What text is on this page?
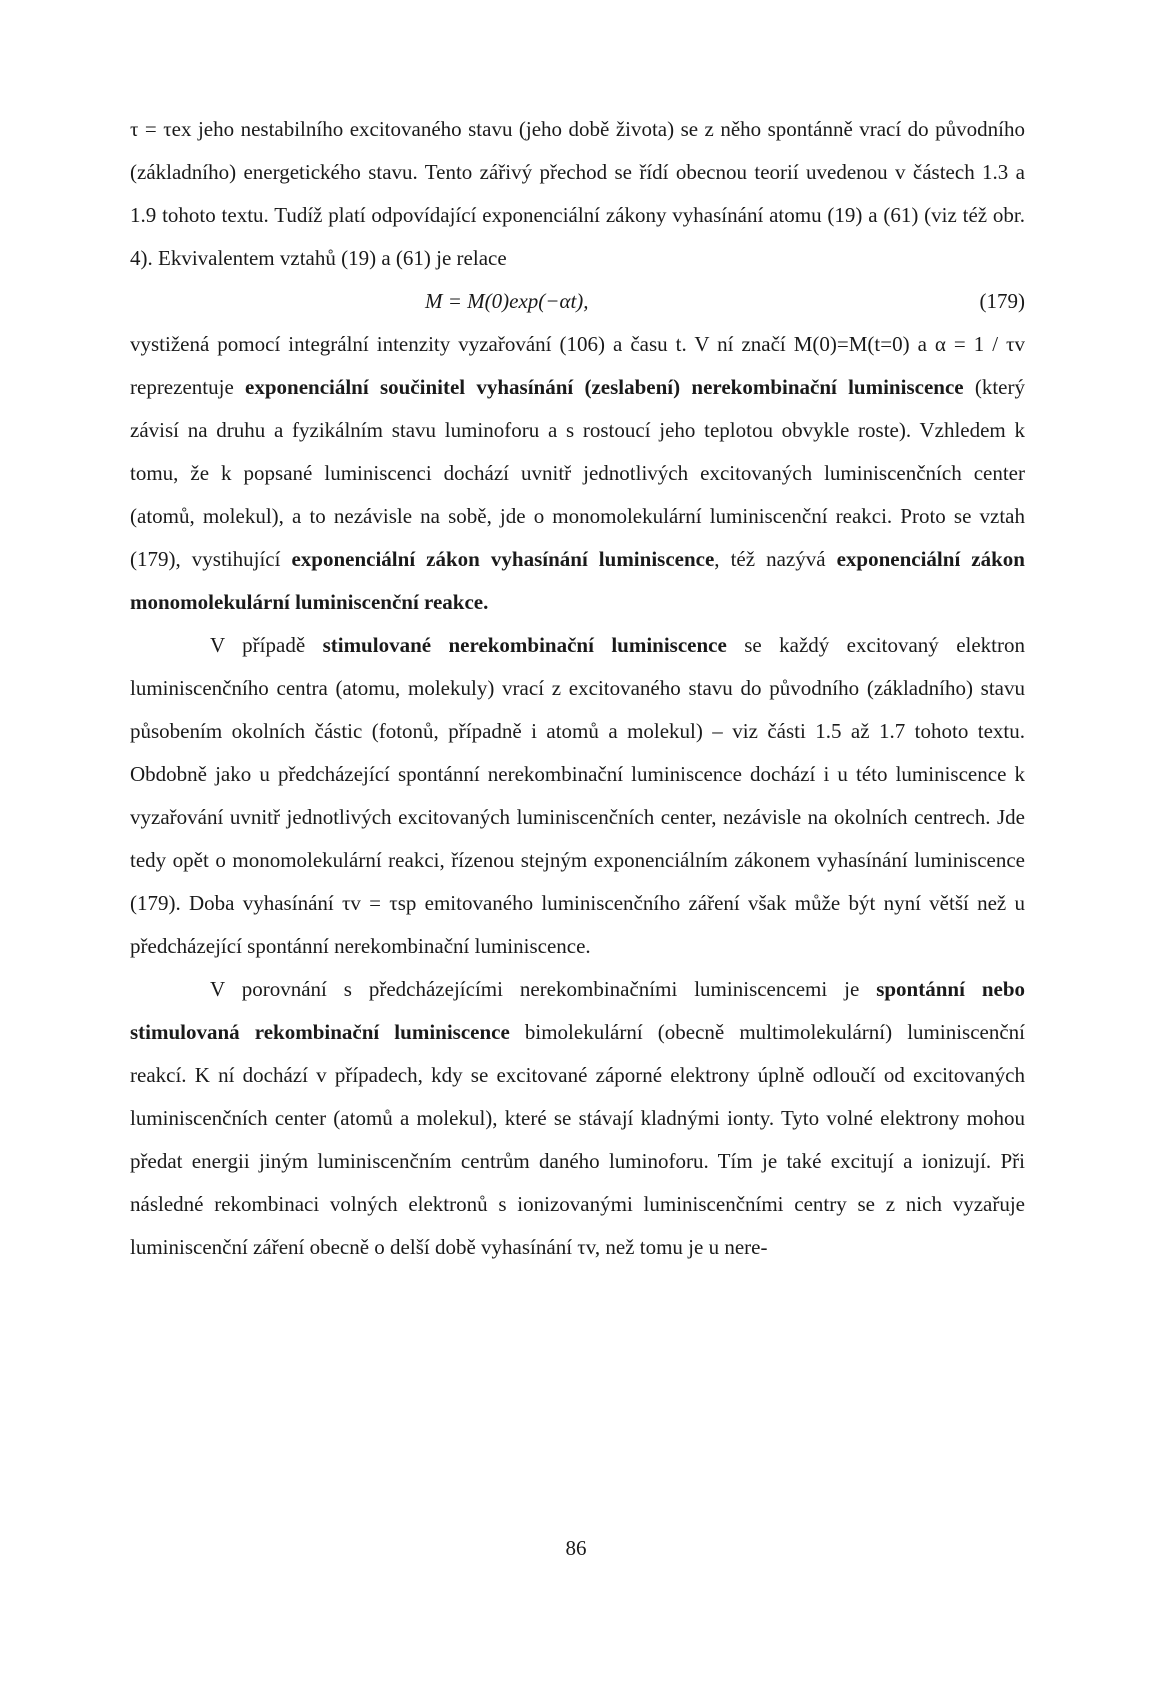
τ = τex jeho nestabilního excitovaného stavu (jeho době života) se z něho spontánně vrací do původního (základního) energetického stavu. Tento zářivý přechod se řídí obecnou teorií uvedenou v částech 1.3 a 1.9 tohoto textu. Tudíž platí odpovídající exponenciální zákony vyhasínání atomu (19) a (61) (viz též obr. 4). Ekvivalentem vztahů (19) a (61) je relace

M = M(0)exp(−αt),	(179)

vystižená pomocí integrální intenzity vyzařování (106) a času t. V ní značí M(0)=M(t=0) a α = 1 / τv reprezentuje exponenciální součinitel vyhasínání (zeslabení) nerekombinační luminiscence (který závisí na druhu a fyzikálním stavu luminoforu a s rostoucí jeho teplotou obvykle roste). Vzhledem k tomu, že k popsané luminiscenci dochází uvnitř jednotlivých excitovaných luminiscenčních center (atomů, molekul), a to nezávisle na sobě, jde o monomolekulární luminiscenční reakci. Proto se vztah (179), vystihující exponenciální zákon vyhasínání luminiscence, též nazývá exponenciální zákon monomolekulární luminiscenční reakce.

V případě stimulované nerekombinační luminiscence se každý excitovaný elektron luminiscenčního centra (atomu, molekuly) vrací z excitovaného stavu do původního (základního) stavu působením okolních částic (fotonů, případně i atomů a molekul) – viz části 1.5 až 1.7 tohoto textu. Obdobně jako u předcházející spontánní nerekombinační luminiscence dochází i u této luminiscence k vyzařování uvnitř jednotlivých excitovaných luminiscenčních center, nezávisle na okolních centrech. Jde tedy opět o monomolekulární reakci, řízenou stejným exponenciálním zákonem vyhasínání luminiscence (179). Doba vyhasínání τv = τsp emitovaného luminiscenčního záření však může být nyní větší než u předcházející spontánní nerekombinační luminiscence.

V porovnání s předcházejícími nerekombinačními luminiscencemi je spontánní nebo stimulovaná rekombinační luminiscence bimolekulární (obecně multimolekulární) luminiscenční reakcí. K ní dochází v případech, kdy se excitované záporné elektrony úplně odloučí od excitovaných luminiscenčních center (atomů a molekul), které se stávají kladnými ionty. Tyto volné elektrony mohou předat energii jiným luminiscenčním centrům daného luminoforu. Tím je také excitují a ionizují. Při následné rekombinaci volných elektronů s ionizovanými luminiscenčními centry se z nich vyzařuje luminiscenční záření obecně o delší době vyhasínání τv, než tomu je u nere-

86
